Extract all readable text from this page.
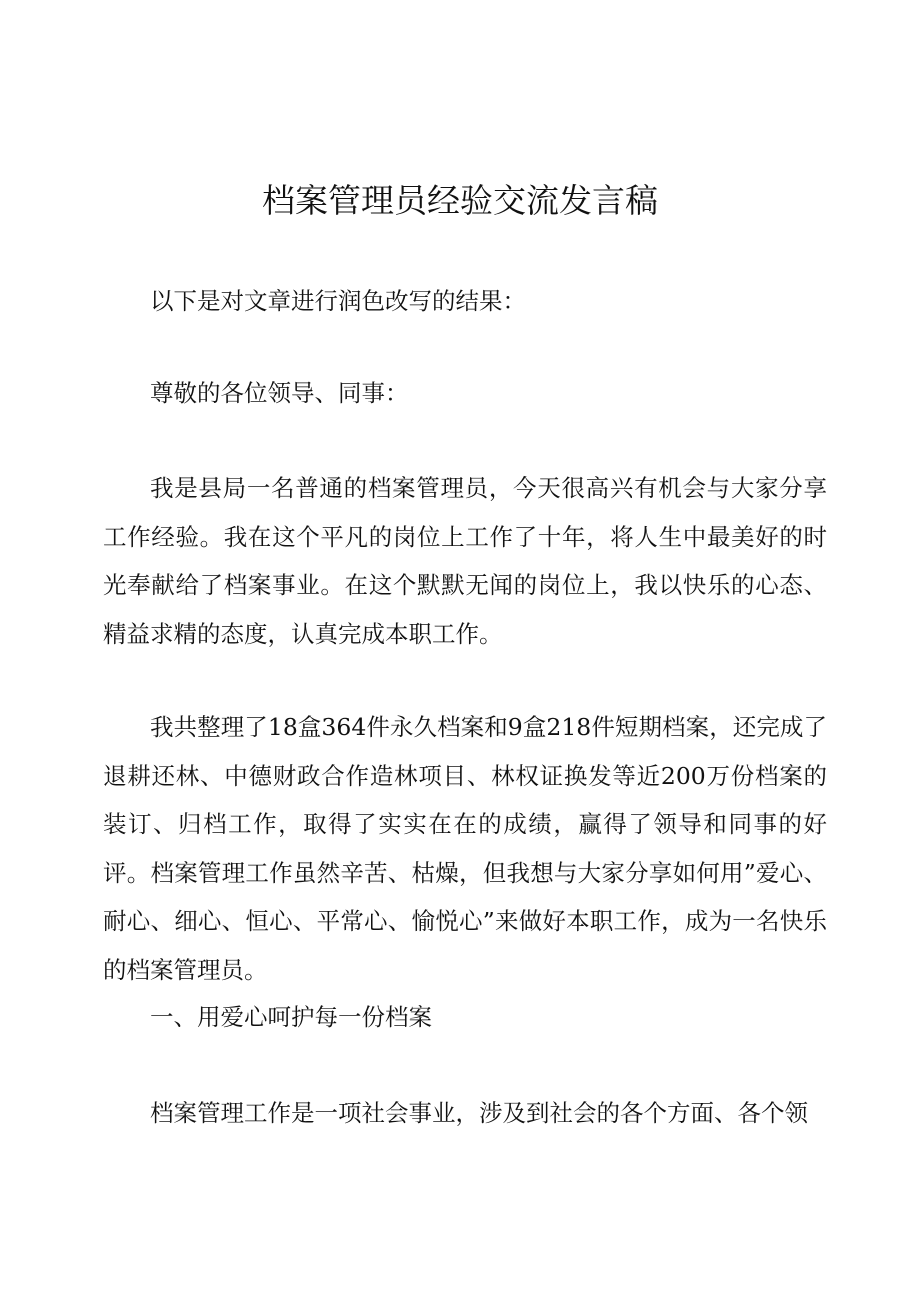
档案管理员经验交流发言稿

以下是对文章进行润色改写的结果：

尊敬的各位领导、同事：

我是县局一名普通的档案管理员，今天很高兴有机会与大家分享工作经验。我在这个平凡的岗位上工作了十年，将人生中最美好的时光奉献给了档案事业。在这个默默无闻的岗位上，我以快乐的心态、精益求精的态度，认真完成本职工作。

我共整理了18盒364件永久档案和9盒218件短期档案，还完成了退耕还林、中德财政合作造林项目、林权证换发等近200万份档案的装订、归档工作，取得了实实在在的成绩，赢得了领导和同事的好评。档案管理工作虽然辛苦、枯燥，但我想与大家分享如何用”爱心、耐心、细心、恒心、平常心、愉悦心”来做好本职工作，成为一名快乐的档案管理员。

一、用爱心呵护每一份档案

档案管理工作是一项社会事业，涉及到社会的各个方面、各个领
